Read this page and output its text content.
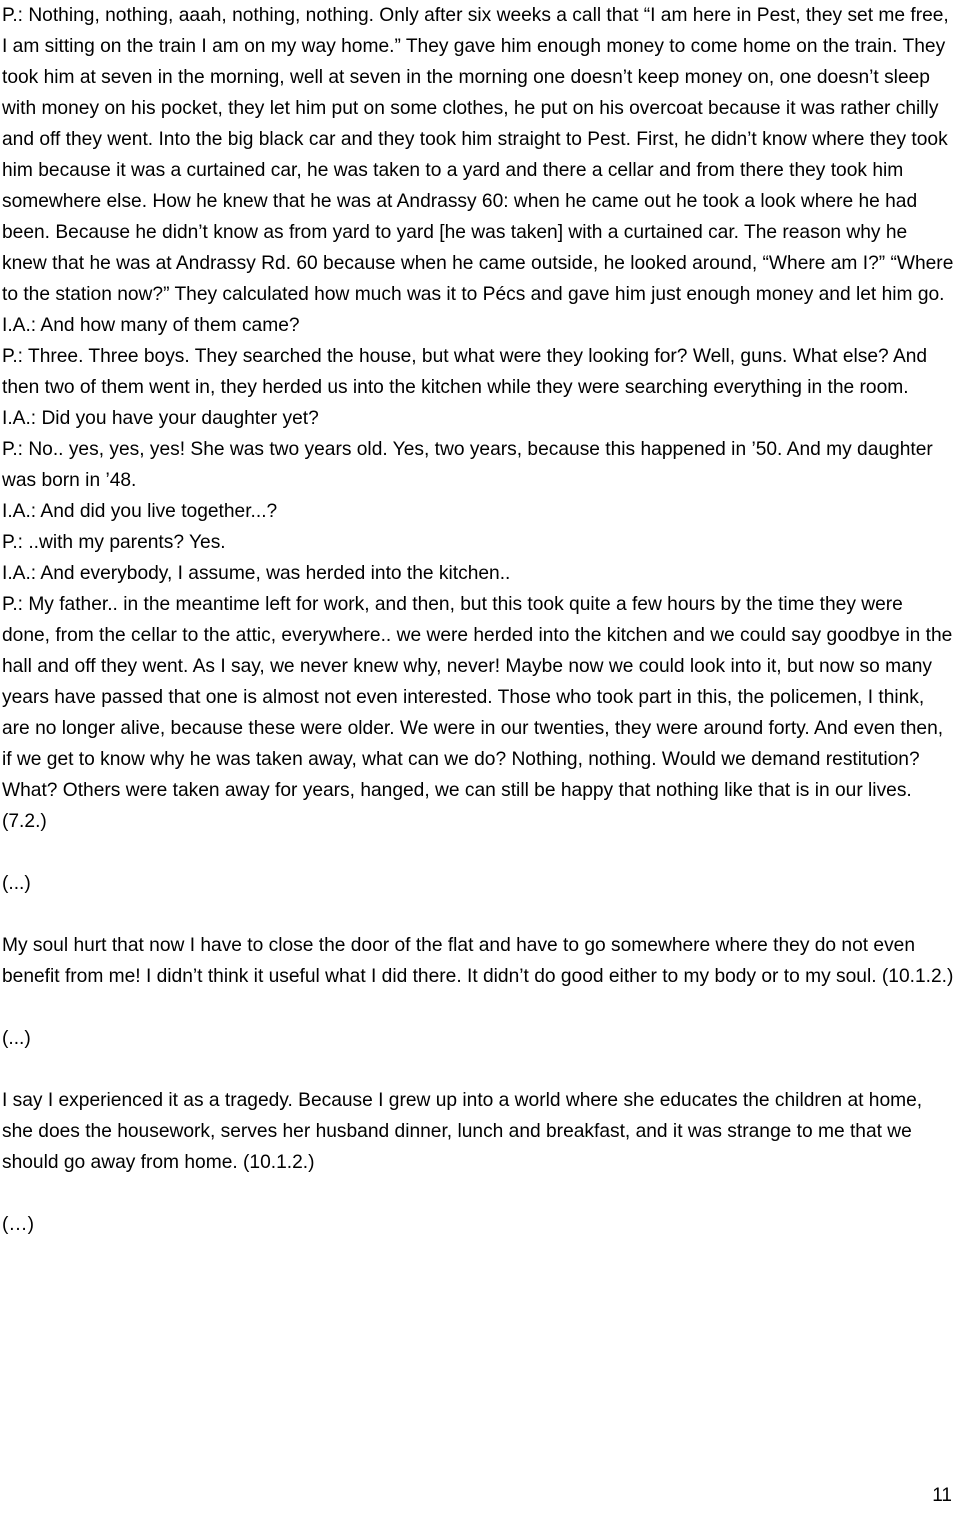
P.: Nothing, nothing, aaah, nothing, nothing. Only after six weeks a call that “I am here in Pest, they set me free, I am sitting on the train I am on my way home.” They gave him enough money to come home on the train. They took him at seven in the morning, well at seven in the morning one doesn’t keep money on, one doesn’t sleep with money on his pocket, they let him put on some clothes, he put on his overcoat because it was rather chilly and off they went. Into the big black car and they took him straight to Pest. First, he didn’t know where they took him because it was a curtained car, he was taken to a yard and there a cellar and from there they took him somewhere else. How he knew that he was at Andrassy 60: when he came out he took a look where he had been. Because he didn’t know as from yard to yard [he was taken] with a curtained car. The reason why he knew that he was at Andrassy Rd. 60 because when he came outside, he looked around, “Where am I?” “Where to the station now?” They calculated how much was it to Pécs and gave him just enough money and let him go.

I.A.: And how many of them came?

P.: Three. Three boys. They searched the house, but what were they looking for? Well, guns. What else? And then two of them went in, they herded us into the kitchen while they were searching everything in the room.

I.A.: Did you have your daughter yet?

P.: No.. yes, yes, yes! She was two years old. Yes, two years, because this happened in ’50. And my daughter was born in ’48.

I.A.: And did you live together...?

P.: ..with my parents? Yes.

I.A.: And everybody, I assume, was herded into the kitchen..

P.: My father.. in the meantime left for work, and then, but this took quite a few hours by the time they were done, from the cellar to the attic, everywhere.. we were herded into the kitchen and we could say goodbye in the hall and off they went. As I say, we never knew why, never! Maybe now we could look into it, but now so many years have passed that one is almost not even interested. Those who took part in this, the policemen, I think, are no longer alive, because these were older. We were in our twenties, they were around forty. And even then, if we get to know why he was taken away, what can we do? Nothing, nothing. Would we demand restitution? What? Others were taken away for years, hanged, we can still be happy that nothing like that is in our lives. (7.2.)

(...)

My soul hurt that now I have to close the door of the flat and have to go somewhere where they do not even benefit from me! I didn’t think it useful what I did there. It didn’t do good either to my body or to my soul. (10.1.2.)

(...)

I say I experienced it as a tragedy. Because I grew up into a world where she educates the children at home, she does the housework, serves her husband dinner, lunch and breakfast, and it was strange to me that we should go away from home. (10.1.2.)

(…)

11
